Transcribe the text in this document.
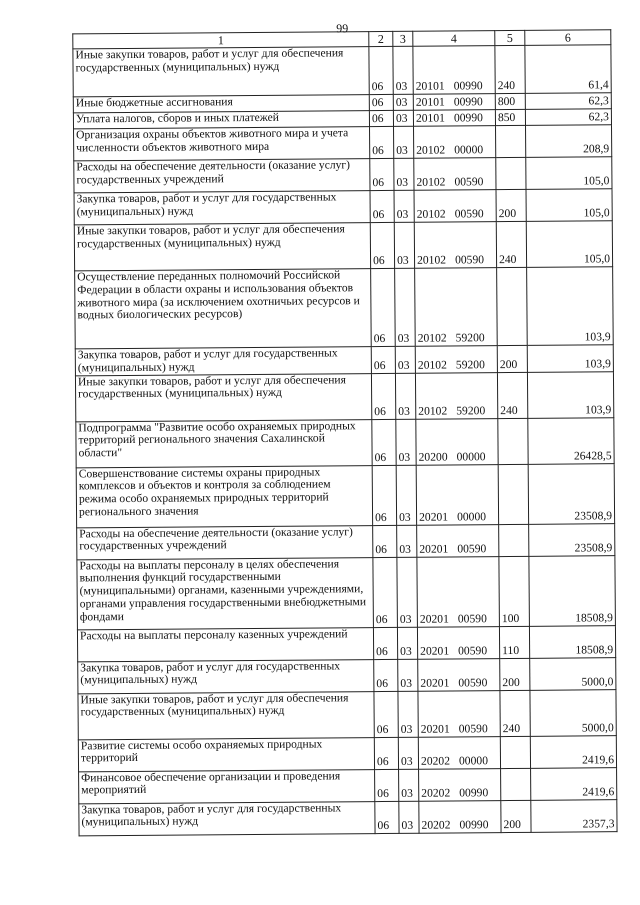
99
1	2	3	4	5	6
Иные закупки товаров, работ и услуг для обеспечения государственных (муниципальных) нужд	06	03	20101 00990	240	61,4
Иные бюджетные ассигнования	06	03	20101 00990	800	62,3
Уплата налогов, сборов и иных платежей	06	03	20101 00990	850	62,3
Организация охраны объектов животного мира и учета численности объектов животного мира	06	03	20102 00000		208,9
Расходы на обеспечение деятельности (оказание услуг) государственных учреждений	06	03	20102 00590		105,0
Закупка товаров, работ и услуг для государственных (муниципальных) нужд	06	03	20102 00590	200	105,0
Иные закупки товаров, работ и услуг для обеспечения государственных (муниципальных) нужд	06	03	20102 00590	240	105,0
Осуществление переданных полномочий Российской Федерации в области охраны и использования объектов животного мира (за исключением охотничьих ресурсов и водных биологических ресурсов)	06	03	20102 59200		103,9
Закупка товаров, работ и услуг для государственных (муниципальных) нужд	06	03	20102 59200	200	103,9
Иные закупки товаров, работ и услуг для обеспечения государственных (муниципальных) нужд	06	03	20102 59200	240	103,9
Подпрограмма "Развитие особо охраняемых природных территорий регионального значения Сахалинской области"	06	03	20200 00000		26428,5
Совершенствование системы охраны природных комплексов и объектов и контроля за соблюдением режима особо охраняемых природных территорий регионального значения	06	03	20201 00000		23508,9
Расходы на обеспечение деятельности (оказание услуг) государственных учреждений	06	03	20201 00590		23508,9
Расходы на выплаты персоналу в целях обеспечения выполнения функций государственными (муниципальными) органами, казенными учреждениями, органами управления государственными внебюджетными фондами	06	03	20201 00590	100	18508,9
Расходы на выплаты персоналу казенных учреждений	06	03	20201 00590	110	18508,9
Закупка товаров, работ и услуг для государственных (муниципальных) нужд	06	03	20201 00590	200	5000,0
Иные закупки товаров, работ и услуг для обеспечения государственных (муниципальных) нужд	06	03	20201 00590	240	5000,0
Развитие системы особо охраняемых природных территорий	06	03	20202 00000		2419,6
Финансовое обеспечение организации и проведения мероприятий	06	03	20202 00990		2419,6
Закупка товаров, работ и услуг для государственных (муниципальных) нужд	06	03	20202 00990	200	2357,3
